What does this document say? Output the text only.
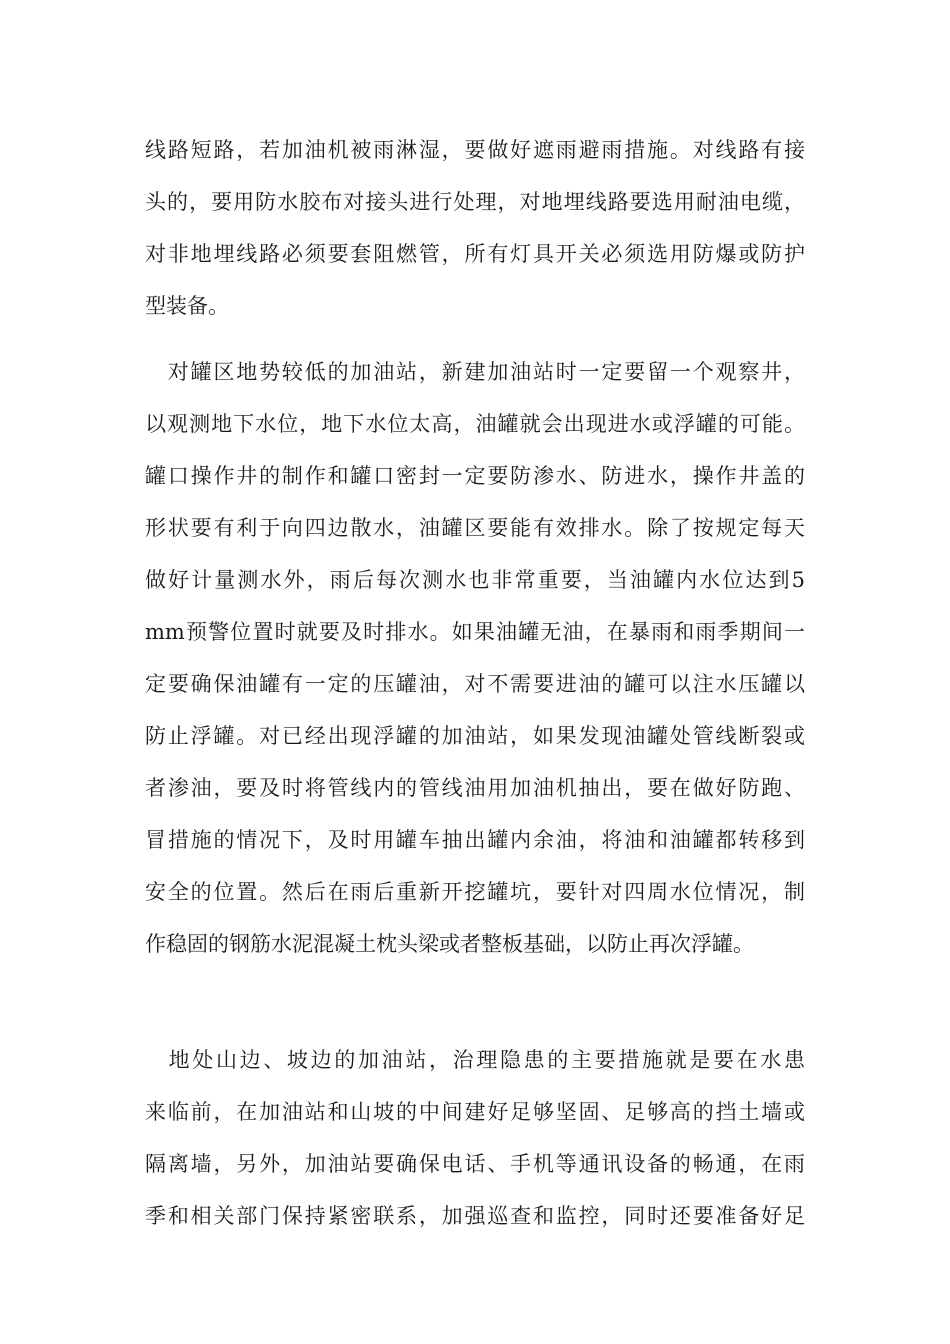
线路短路，若加油机被雨淋湿，要做好遮雨避雨措施。对线路有接
头的，要用防水胶布对接头进行处理，对地埋线路要选用耐油电缆，
对非地埋线路必须要套阻燃管，所有灯具开关必须选用防爆或防护
型装备。
　对罐区地势较低的加油站，新建加油站时一定要留一个观察井，
以观测地下水位，地下水位太高，油罐就会出现进水或浮罐的可能。
罐口操作井的制作和罐口密封一定要防渗水、防进水，操作井盖的
形状要有利于向四边散水，油罐区要能有效排水。除了按规定每天
做好计量测水外，雨后每次测水也非常重要，当油罐内水位达到5
mm预警位置时就要及时排水。如果油罐无油，在暴雨和雨季期间一
定要确保油罐有一定的压罐油，对不需要进油的罐可以注水压罐以
防止浮罐。对已经出现浮罐的加油站，如果发现油罐处管线断裂或
者渗油，要及时将管线内的管线油用加油机抽出，要在做好防跑、
冒措施的情况下，及时用罐车抽出罐内余油，将油和油罐都转移到
安全的位置。然后在雨后重新开挖罐坑，要针对四周水位情况，制
作稳固的钢筋水泥混凝土枕头梁或者整板基础，以防止再次浮罐。
　地处山边、坡边的加油站，治理隐患的主要措施就是要在水患
来临前，在加油站和山坡的中间建好足够坚固、足够高的挡土墙或
隔离墙，另外，加油站要确保电话、手机等通讯设备的畅通，在雨
季和相关部门保持紧密联系，加强巡查和监控，同时还要准备好足
